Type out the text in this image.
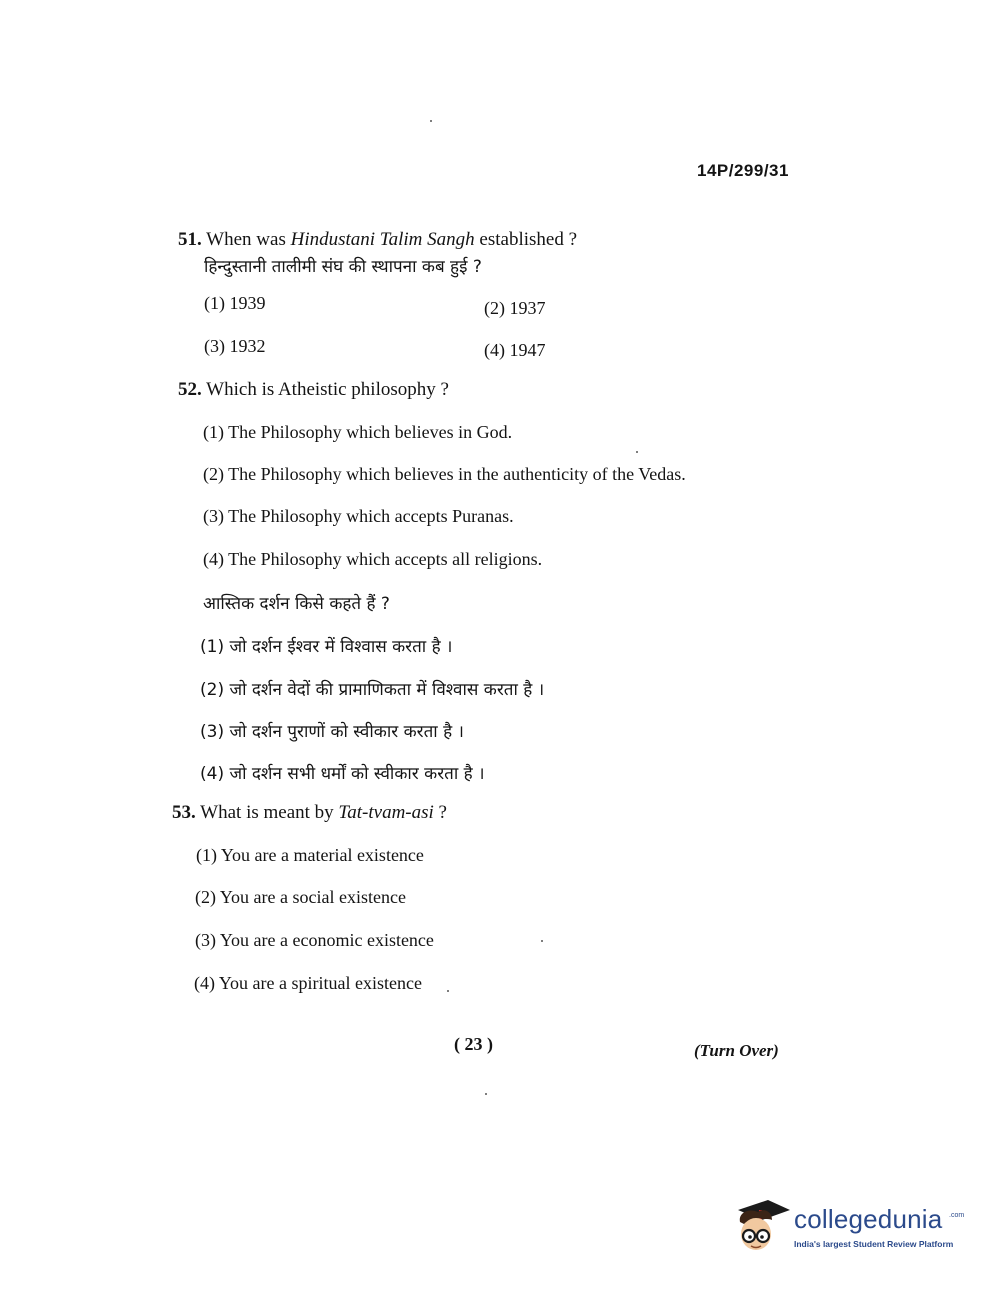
14P/299/31
51. When was Hindustani Talim Sangh established ?
हिन्दुस्तानी तालीमी संघ की स्थापना कब हुई ?
(1) 1939	(2) 1937
(3) 1932	(4) 1947
52. Which is Atheistic philosophy ?
(1) The Philosophy which believes in God.
(2) The Philosophy which believes in the authenticity of the Vedas.
(3) The Philosophy which accepts Puranas.
(4) The Philosophy which accepts all religions.
आस्तिक दर्शन किसे कहते हैं ?
(1) जो दर्शन ईश्वर में विश्वास करता है ।
(2) जो दर्शन वेदों की प्रामाणिकता में विश्वास करता है ।
(3) जो दर्शन पुराणों को स्वीकार करता है ।
(4) जो दर्शन सभी धर्मों को स्वीकार करता है ।
53. What is meant by Tat-tvam-asi ?
(1) You are a material existence
(2) You are a social existence
(3) You are a economic existence
(4) You are a spiritual existence
( 23 )	(Turn Over)
collegedunia .com
India's largest Student Review Platform
